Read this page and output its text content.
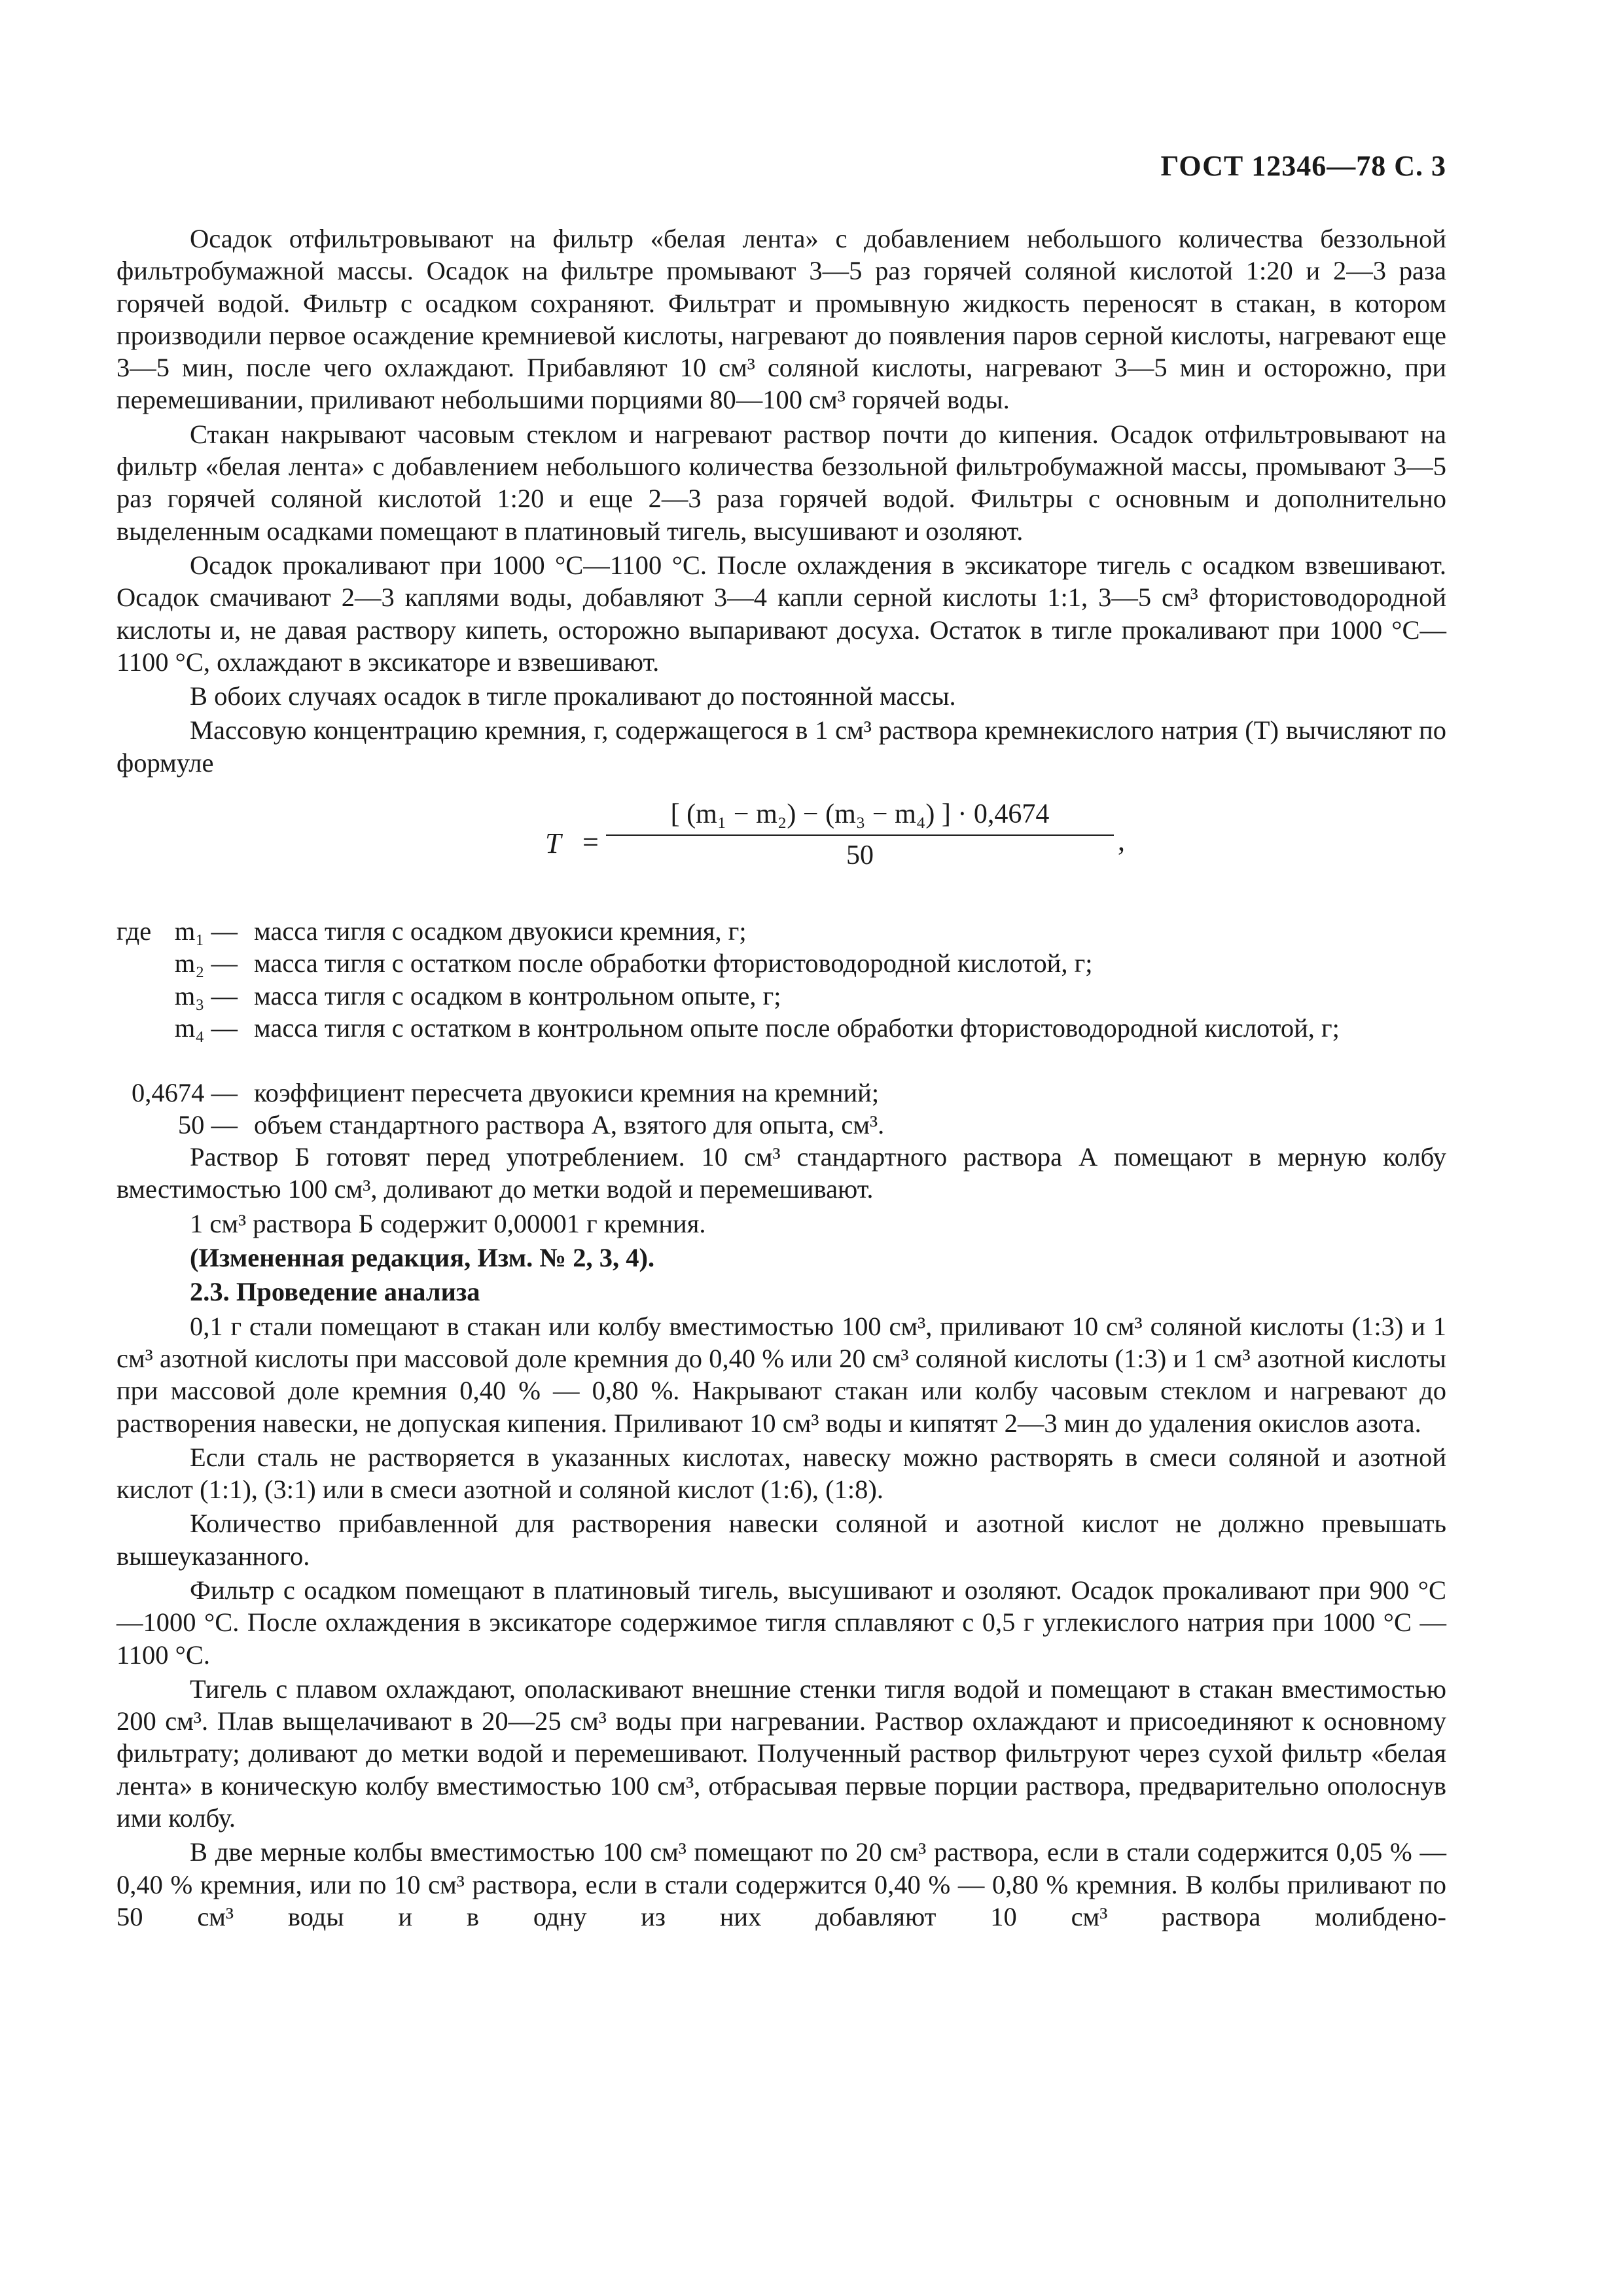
ГОСТ 12346—78 С. 3

Осадок отфильтровывают на фильтр «белая лента» с добавлением небольшого количества беззольной фильтробумажной массы. Осадок на фильтре промывают 3—5 раз горячей соляной кислотой 1:20 и 2—3 раза горячей водой. Фильтр с осадком сохраняют. Фильтрат и промывную жидкость переносят в стакан, в котором производили первое осаждение кремниевой кислоты, нагревают до появления паров серной кислоты, нагревают еще 3—5 мин, после чего охлаждают. Прибавляют 10 см³ соляной кислоты, нагревают 3—5 мин и осторожно, при перемешивании, приливают небольшими порциями 80—100 см³ горячей воды.

Стакан накрывают часовым стеклом и нагревают раствор почти до кипения. Осадок отфильтровывают на фильтр «белая лента» с добавлением небольшого количества беззольной фильтробумажной массы, промывают 3—5 раз горячей соляной кислотой 1:20 и еще 2—3 раза горячей водой. Фильтры с основным и дополнительно выделенным осадками помещают в платиновый тигель, высушивают и озоляют.

Осадок прокаливают при 1000 °С—1100 °С. После охлаждения в эксикаторе тигель с осадком взвешивают. Осадок смачивают 2—3 каплями воды, добавляют 3—4 капли серной кислоты 1:1, 3—5 см³ фтористоводородной кислоты и, не давая раствору кипеть, осторожно выпаривают досуха. Остаток в тигле прокаливают при 1000 °С—1100 °С, охлаждают в эксикаторе и взвешивают.

В обоих случаях осадок в тигле прокаливают до постоянной массы.

Массовую концентрацию кремния, г, содержащегося в 1 см³ раствора кремнекислого натрия (T) вычисляют по формуле

T =
[ (m₁ − m₂) − (m₃ − m₄) ] · 0,4674
50	,
где m₁ — масса тигля с осадком двуокиси кремния, г;
m₂ — масса тигля с остатком после обработки фтористоводородной кислотой, г;
m₃ — масса тигля с осадком в контрольном опыте, г;
m₄ — масса тигля с остатком в контрольном опыте после обработки фтористоводородной кислотой, г;
0,4674 — коэффициент пересчета двуокиси кремния на кремний;
50 — объем стандартного раствора А, взятого для опыта, см³.

Раствор Б готовят перед употреблением. 10 см³ стандартного раствора А помещают в мерную колбу вместимостью 100 см³, доливают до метки водой и перемешивают.

1 см³ раствора Б содержит 0,00001 г кремния.

(Измененная редакция, Изм. № 2, 3, 4).

2.3. Проведение анализа

0,1 г стали помещают в стакан или колбу вместимостью 100 см³, приливают 10 см³ соляной кислоты (1:3) и 1 см³ азотной кислоты при массовой доле кремния до 0,40 % или 20 см³ соляной кислоты (1:3) и 1 см³ азотной кислоты при массовой доле кремния 0,40 % — 0,80 %. Накрывают стакан или колбу часовым стеклом и нагревают до растворения навески, не допуская кипения. Приливают 10 см³ воды и кипятят 2—3 мин до удаления окислов азота.

Если сталь не растворяется в указанных кислотах, навеску можно растворять в смеси соляной и азотной кислот (1:1), (3:1) или в смеси азотной и соляной кислот (1:6), (1:8).

Количество прибавленной для растворения навески соляной и азотной кислот не должно превышать вышеуказанного.

Фильтр с осадком помещают в платиновый тигель, высушивают и озоляют. Осадок прокаливают при 900 °С —1000 °С. После охлаждения в эксикаторе содержимое тигля сплавляют с 0,5 г углекислого натрия при 1000 °С —1100 °С.

Тигель с плавом охлаждают, ополаскивают внешние стенки тигля водой и помещают в стакан вместимостью 200 см³. Плав выщелачивают в 20—25 см³ воды при нагревании. Раствор охлаждают и присоединяют к основному фильтрату; доливают до метки водой и перемешивают. Полученный раствор фильтруют через сухой фильтр «белая лента» в коническую колбу вместимостью 100 см³, отбрасывая первые порции раствора, предварительно ополоснув ими колбу.

В две мерные колбы вместимостью 100 см³ помещают по 20 см³ раствора, если в стали содержится 0,05 % —0,40 % кремния, или по 10 см³ раствора, если в стали содержится 0,40 % — 0,80 % кремния. В колбы приливают по 50 см³ воды и в одну из них добавляют 10 см³ раствора молибдено-
